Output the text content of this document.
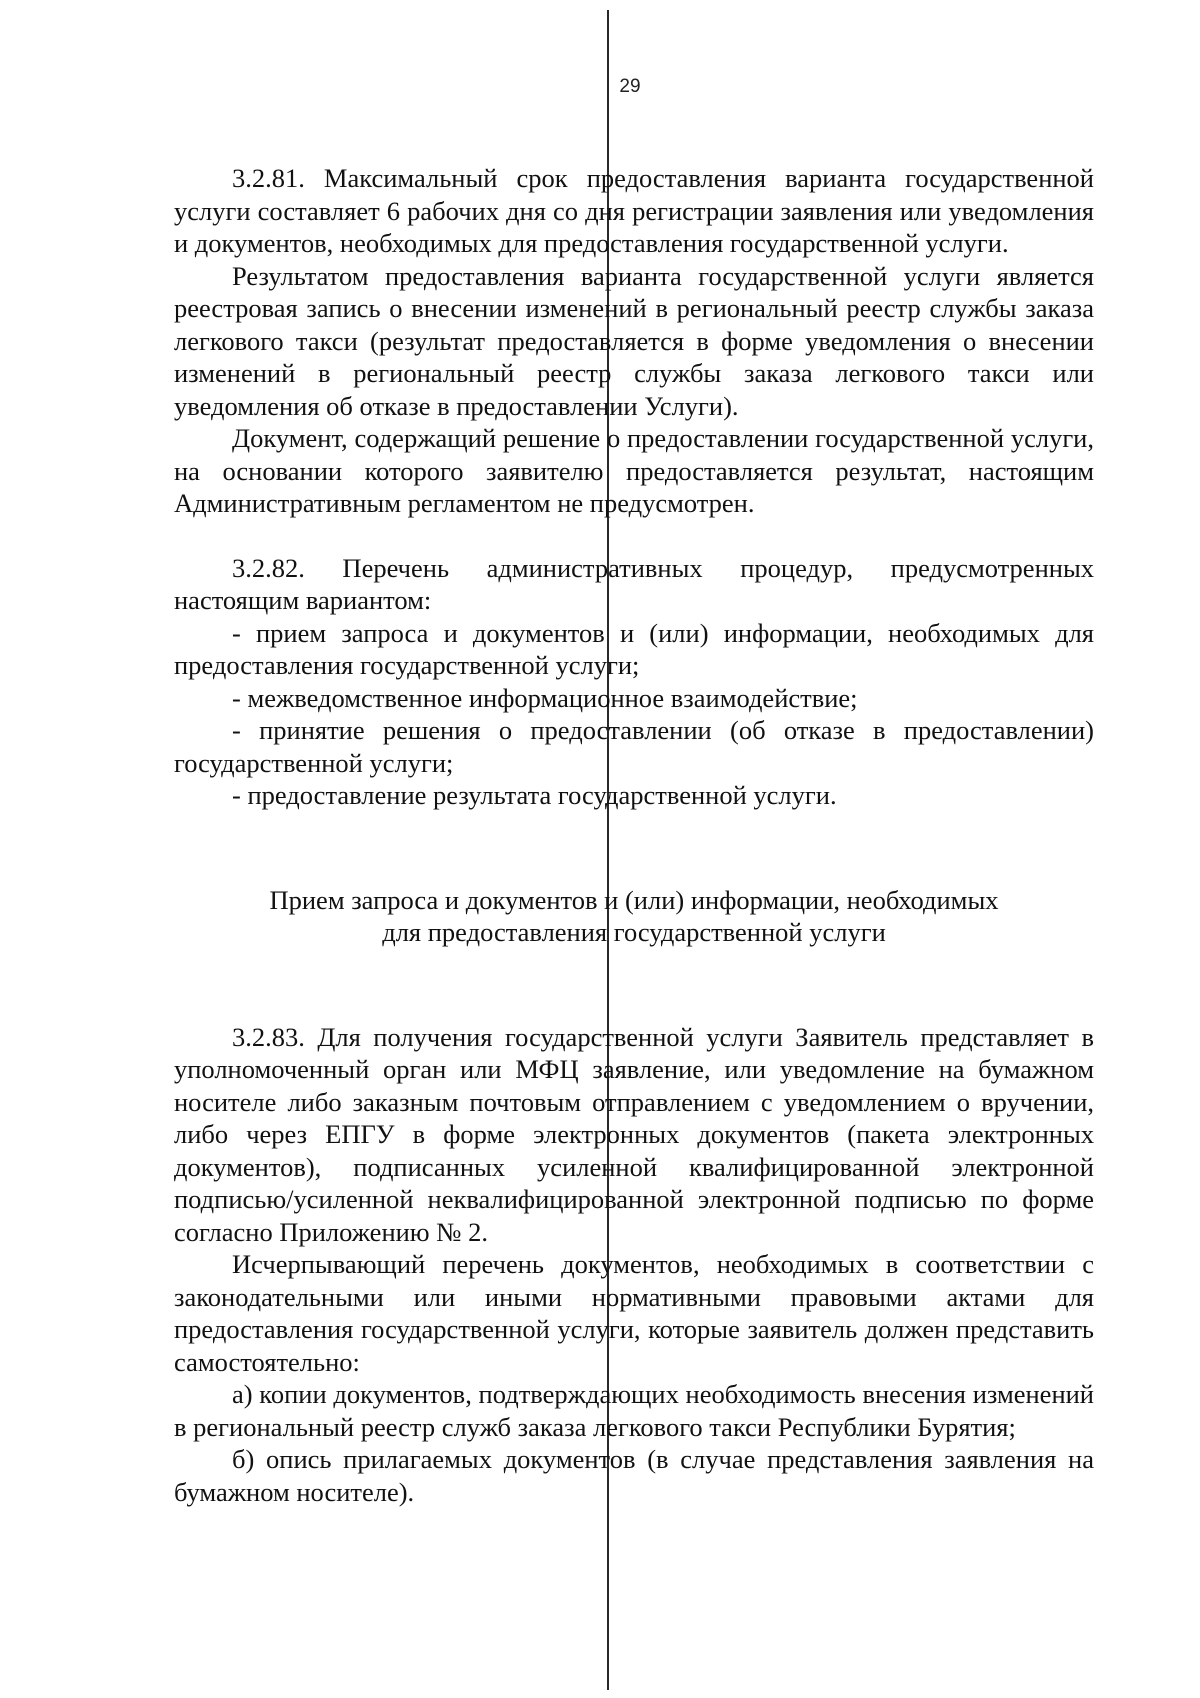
29

3.2.81. Максимальный срок предоставления варианта государственной услуги составляет 6 рабочих дня со дня регистрации заявления или уведомления и документов, необходимых для предоставления государственной услуги.

Результатом предоставления варианта государственной услуги является реестровая запись о внесении изменений в региональный реестр службы заказа легкового такси (результат предоставляется в форме уведомления о внесении изменений в региональный реестр службы заказа легкового такси или уведомления об отказе в предоставлении Услуги).

Документ, содержащий решение о предоставлении государственной услуги, на основании которого заявителю предоставляется результат, настоящим Административным регламентом не предусмотрен.

3.2.82. Перечень административных процедур, предусмотренных настоящим вариантом:

- прием запроса и документов и (или) информации, необходимых для предоставления государственной услуги;

- межведомственное информационное взаимодействие;

- принятие решения о предоставлении (об отказе в предоставлении) государственной услуги;

- предоставление результата государственной услуги.

Прием запроса и документов и (или) информации, необходимых

для предоставления государственной услуги

3.2.83. Для получения государственной услуги Заявитель представляет в уполномоченный орган или МФЦ заявление, или уведомление на бумажном носителе либо заказным почтовым отправлением с уведомлением о вручении, либо через ЕПГУ в форме электронных документов (пакета электронных документов), подписанных усиленной квалифицированной электронной подписью/усиленной неквалифицированной электронной подписью по форме согласно Приложению № 2.

Исчерпывающий перечень документов, необходимых в соответствии с законодательными или иными нормативными правовыми актами для предоставления государственной услуги, которые заявитель должен представить самостоятельно:

а) копии документов, подтверждающих необходимость внесения изменений в региональный реестр служб заказа легкового такси Республики Бурятия;

б) опись прилагаемых документов (в случае представления заявления на бумажном носителе).
